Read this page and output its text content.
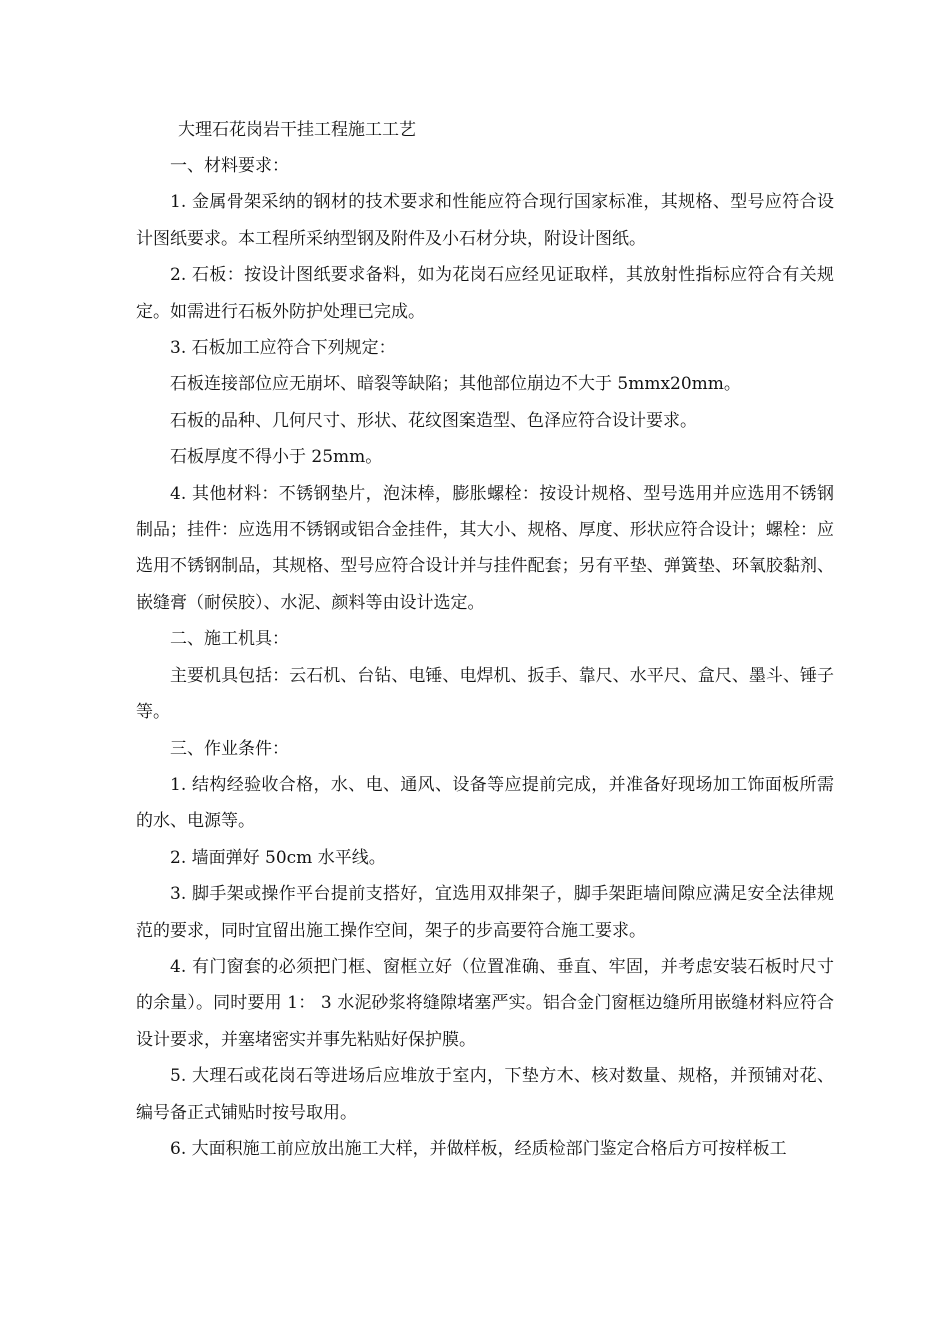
大理石花岗岩干挂工程施工工艺

一、材料要求：

1. 金属骨架采纳的钢材的技术要求和性能应符合现行国家标准，其规格、型号应符合设计图纸要求。本工程所采纳型钢及附件及小石材分块，附设计图纸。

2. 石板：按设计图纸要求备料，如为花岗石应经见证取样，其放射性指标应符合有关规定。如需进行石板外防护处理已完成。

3. 石板加工应符合下列规定：

石板连接部位应无崩坏、暗裂等缺陷；其他部位崩边不大于 5mmx20mm。

石板的品种、几何尺寸、形状、花纹图案造型、色泽应符合设计要求。

石板厚度不得小于 25mm。

4. 其他材料：不锈钢垫片，泡沫棒，膨胀螺栓：按设计规格、型号选用并应选用不锈钢制品；挂件：应选用不锈钢或铝合金挂件，其大小、规格、厚度、形状应符合设计；螺栓：应选用不锈钢制品，其规格、型号应符合设计并与挂件配套；另有平垫、弹簧垫、环氧胶黏剂、嵌缝膏（耐侯胶）、水泥、颜料等由设计选定。

二、施工机具：

主要机具包括：云石机、台钻、电锤、电焊机、扳手、靠尺、水平尺、盒尺、墨斗、锤子等。

三、作业条件：

1. 结构经验收合格，水、电、通风、设备等应提前完成，并准备好现场加工饰面板所需的水、电源等。

2. 墙面弹好 50cm 水平线。

3. 脚手架或操作平台提前支搭好，宜选用双排架子，脚手架距墙间隙应满足安全法律规范的要求，同时宜留出施工操作空间，架子的步高要符合施工要求。

4. 有门窗套的必须把门框、窗框立好（位置准确、垂直、牢固，并考虑安装石板时尺寸的余量）。同时要用 1： 3 水泥砂浆将缝隙堵塞严实。铝合金门窗框边缝所用嵌缝材料应符合设计要求，并塞堵密实并事先粘贴好保护膜。

5. 大理石或花岗石等进场后应堆放于室内，下垫方木、核对数量、规格，并预铺对花、编号备正式铺贴时按号取用。

6. 大面积施工前应放出施工大样，并做样板，经质检部门鉴定合格后方可按样板工
